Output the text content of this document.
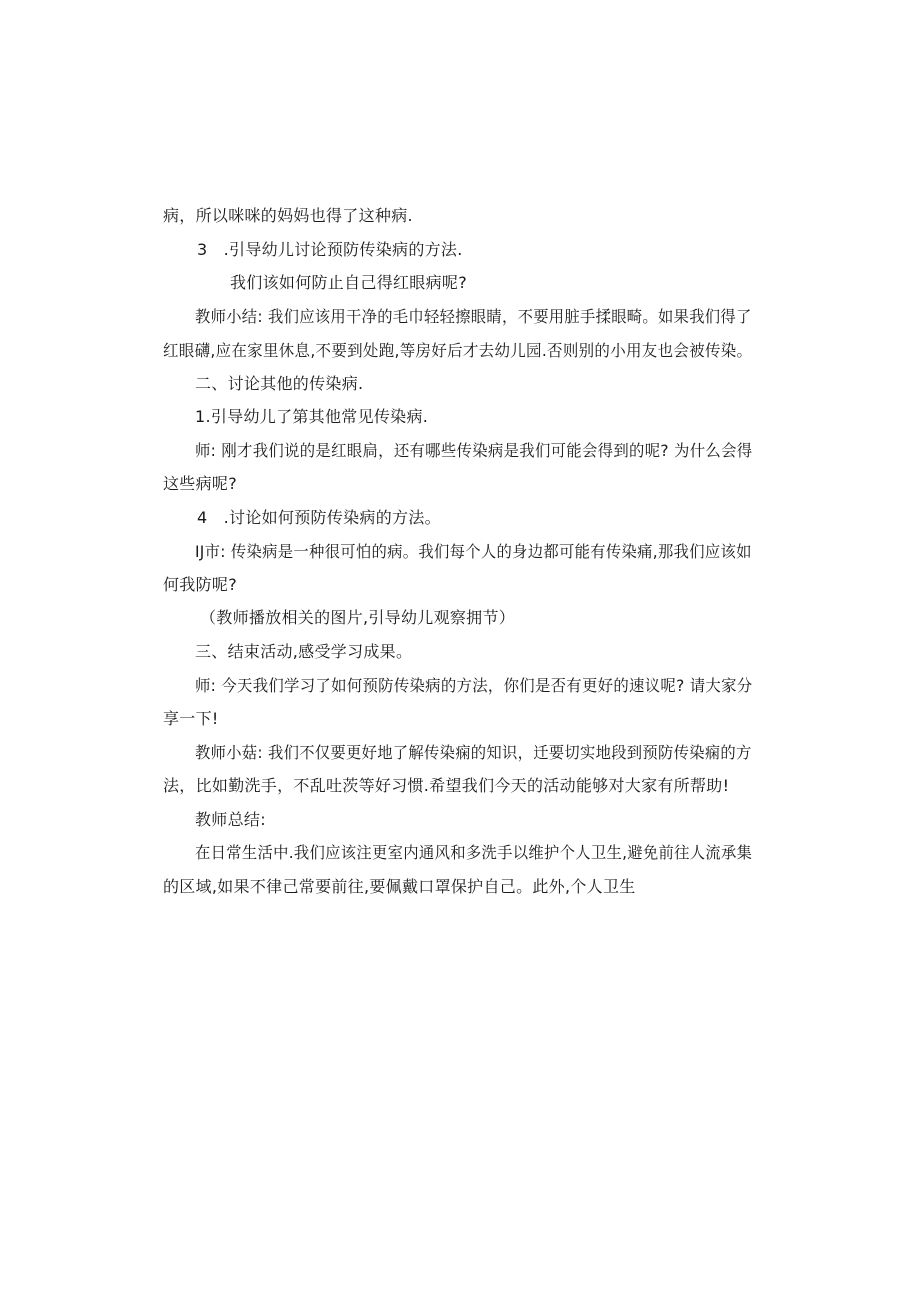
病，所以咪咪的妈妈也得了这种病.
3   .引导幼儿讨论预防传染病的方法.
我们该如何防止自己得红眼病呢?
教师小结: 我们应该用干净的毛巾轻轻擦眼睛，不要用脏手揉眼畸。如果我们得了
红眼礴,应在家里休息,不要到处跑,等房好后才去幼儿园.否则别的小用友也会被传染。
二、讨论其他的传染病.
1.引导幼儿了第其他常见传染病.
师: 刚才我们说的是红眼扃，还有哪些传染病是我们可能会得到的呢? 为什么会得
这些病呢?
4   .讨论如何预防传染病的方法。
IJ市: 传染病是一种很可怕的病。我们每个人的身边都可能有传染痛,那我们应该如
何我防呢?
（教师播放相关的图片,引导幼儿观察拥节）
三、结束活动,感受学习成果。
师: 今天我们学习了如何预防传染病的方法，你们是否有更好的速议呢? 请大家分
享一下!
教师小菇: 我们不仅要更好地了解传染痫的知识，迁要切实地段到预防传染痫的方
法，比如勤洗手，不乱吐茨等好习惯.希望我们今天的活动能够对大家有所帮助!
教师总结:
在日常生活中.我们应该注更室内通风和多洗手以维护个人卫生,避免前往人流承集
的区域,如果不律己常要前往,要佩戴口罩保护自己。此外,个人卫生
